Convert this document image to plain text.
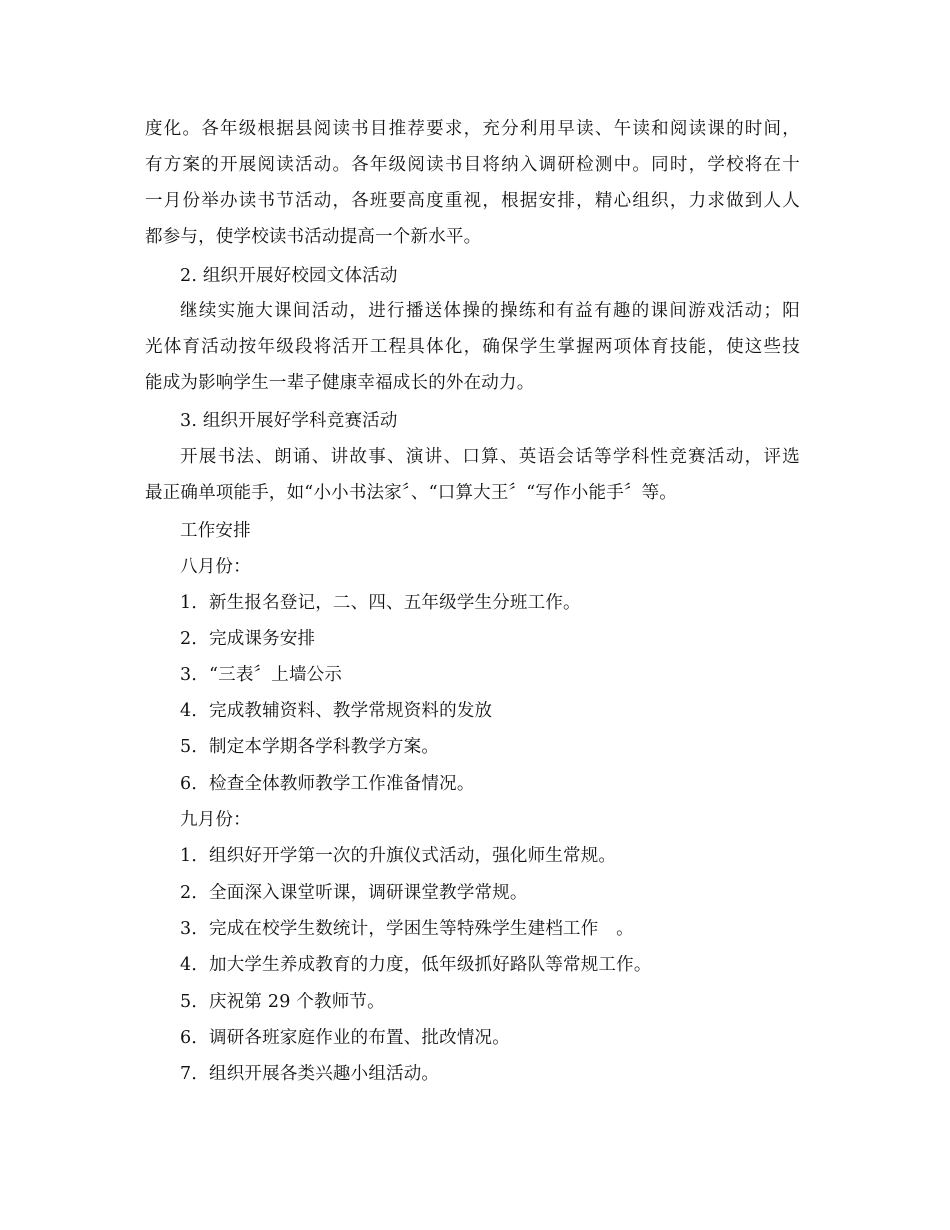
度化。各年级根据县阅读书目推荐要求，充分利用早读、午读和阅读课的时间，
有方案的开展阅读活动。各年级阅读书目将纳入调研检测中。同时，学校将在十
一月份举办读书节活动，各班要高度重视，根据安排，精心组织，力求做到人人
都参与，使学校读书活动提高一个新水平。
2. 组织开展好校园文体活动
继续实施大课间活动，进行播送体操的操练和有益有趣的课间游戏活动；阳
光体育活动按年级段将活开工程具体化，确保学生掌握两项体育技能，使这些技
能成为影响学生一辈子健康幸福成长的外在动力。
3. 组织开展好学科竞赛活动
开展书法、朗诵、讲故事、演讲、口算、英语会话等学科性竞赛活动，评选
最正确单项能手，如“小小书法家〞、“口算大王〞“写作小能手〞等。
工作安排
八月份：
1．新生报名登记，二、四、五年级学生分班工作。
2．完成课务安排
3．“三表〞上墙公示
4．完成教辅资料、教学常规资料的发放
5．制定本学期各学科教学方案。
6．检查全体教师教学工作准备情况。
九月份：
1．组织好开学第一次的升旗仪式活动，强化师生常规。
2．全面深入课堂听课，调研课堂教学常规。
3．完成在校学生数统计，学困生等特殊学生建档工作　。
4．加大学生养成教育的力度，低年级抓好路队等常规工作。
5．庆祝第 29 个教师节。
6．调研各班家庭作业的布置、批改情况。
7．组织开展各类兴趣小组活动。
